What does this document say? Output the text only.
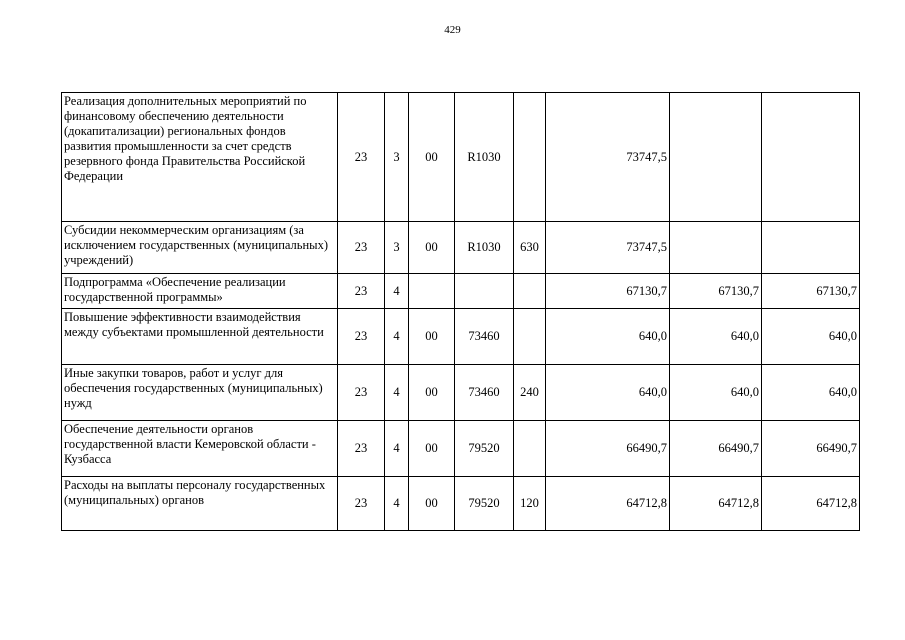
429
Реализация дополнительных мероприятий по финансовому обеспечению деятельности (докапитализации) региональных фондов развития промышленности за счет средств резервного фонда Правительства Российской Федерации	23	3	00	R1030		73747,5		
Субсидии некоммерческим организациям (за исключением государственных (муниципальных) учреждений)	23	3	00	R1030	630	73747,5		
Подпрограмма «Обеспечение реализации государственной программы»	23	4				67130,7	67130,7	67130,7
Повышение эффективности взаимодействия между субъектами промышленной деятельности	23	4	00	73460		640,0	640,0	640,0
Иные закупки товаров, работ и услуг для обеспечения государственных (муниципальных) нужд	23	4	00	73460	240	640,0	640,0	640,0
Обеспечение деятельности органов государственной власти Кемеровской области - Кузбасса	23	4	00	79520		66490,7	66490,7	66490,7
Расходы на выплаты персоналу государственных (муниципальных) органов	23	4	00	79520	120	64712,8	64712,8	64712,8
